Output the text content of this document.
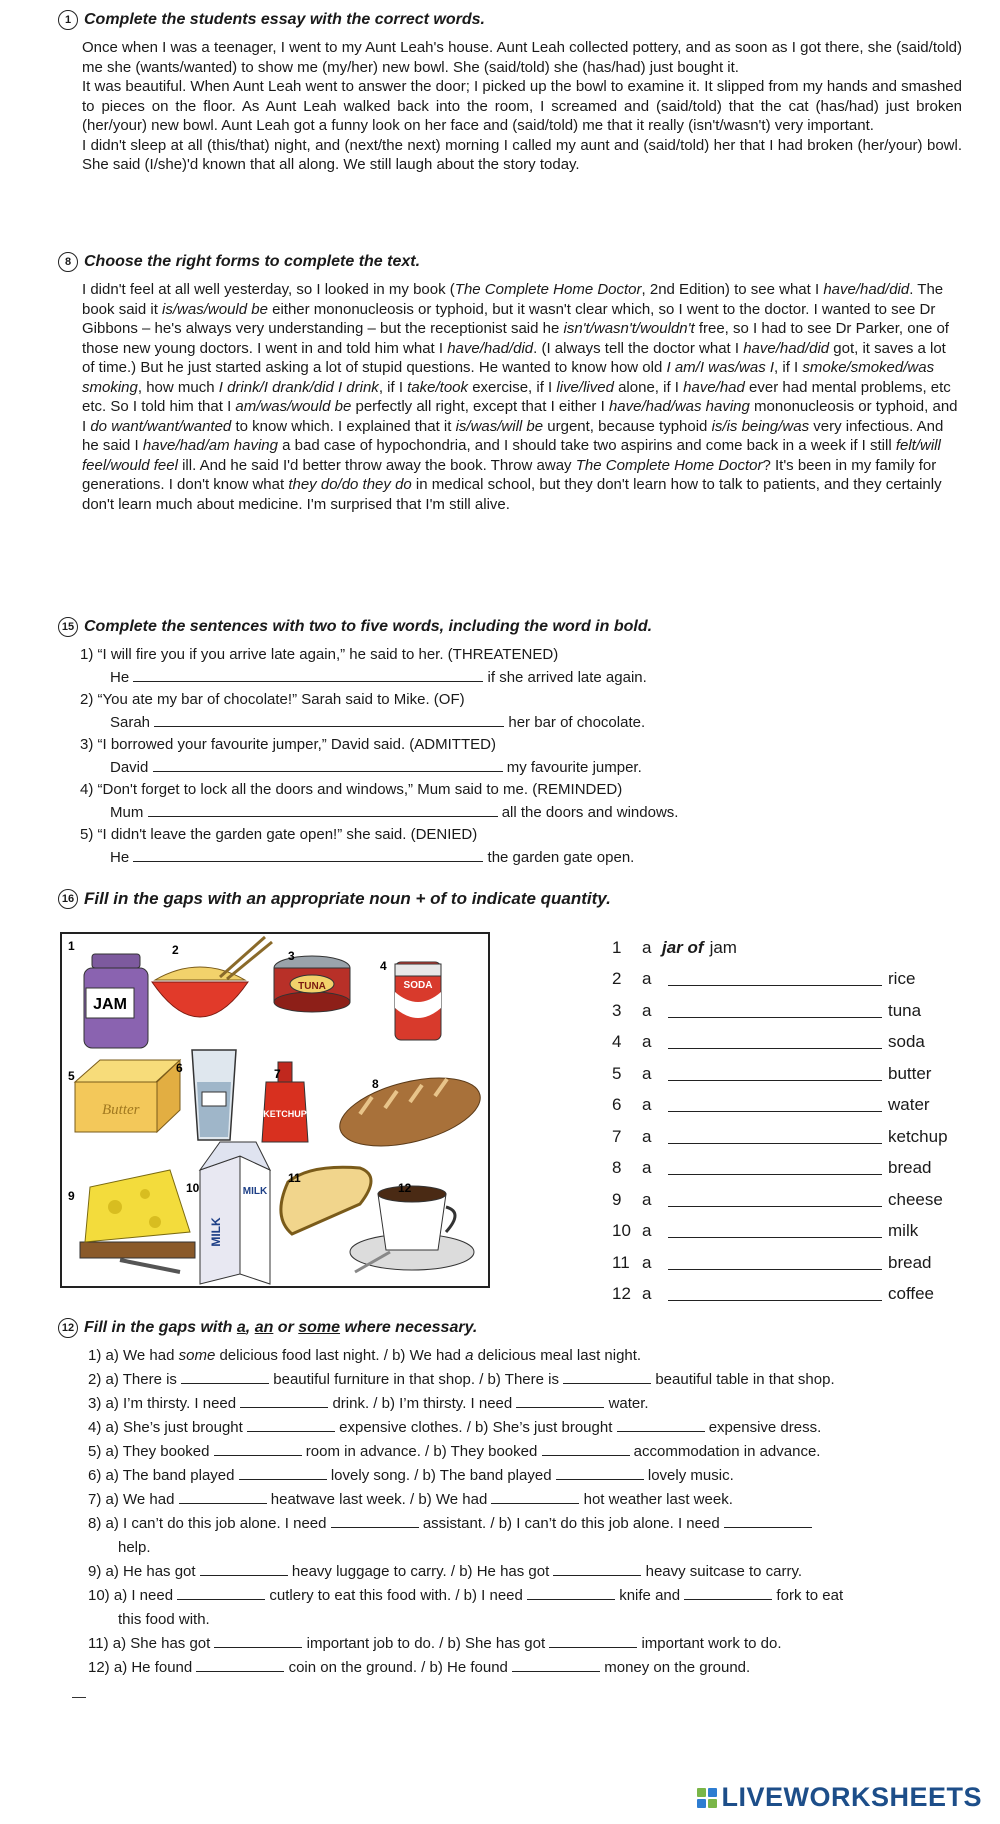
1 Complete the students essay with the correct words.

Once when I was a teenager, I went to my Aunt Leah's house. Aunt Leah collected pottery, and as soon as I got there, she (said/told) me she (wants/wanted) to show me (my/her) new bowl. She (said/told) she (has/had) just bought it.

It was beautiful. When Aunt Leah went to answer the door; I picked up the bowl to examine it. It slipped from my hands and smashed to pieces on the floor. As Aunt Leah walked back into the room, I screamed and (said/told) that the cat (has/had) just broken (her/your) new bowl. Aunt Leah got a funny look on her face and (said/told) me that it really (isn't/wasn't) very important.

I didn't sleep at all (this/that) night, and (next/the next) morning I called my aunt and (said/told) her that I had broken (her/your) bowl. She said (I/she)'d known that all along. We still laugh about the story today.

8 Choose the right forms to complete the text.
I didn't feel at all well yesterday, so I looked in my book (The Complete Home Doctor, 2nd Edition) to see what I have/had/did. The book said it is/was/would be either mononucleosis or typhoid, but it wasn't clear which, so I went to the doctor. I wanted to see Dr Gibbons – he's always very understanding – but the receptionist said he isn't/wasn't/wouldn't free, so I had to see Dr Parker, one of those new young doctors. I went in and told him what I have/had/did. (I always tell the doctor what I have/had/did got, it saves a lot of time.) But he just started asking a lot of stupid questions. He wanted to know how old I am/I was/was I, if I smoke/smoked/was smoking, how much I drink/I drank/did I drink, if I take/took exercise, if I live/lived alone, if I have/had ever had mental problems, etc etc. So I told him that I am/was/would be perfectly all right, except that I either I have/had/was having mononucleosis or typhoid, and I do want/want/wanted to know which. I explained that it is/was/will be urgent, because typhoid is/is being/was very infectious. And he said I have/had/am having a bad case of hypochondria, and I should take two aspirins and come back in a week if I still felt/will feel/would feel ill. And he said I'd better throw away the book. Throw away The Complete Home Doctor? It's been in my family for generations. I don't know what they do/do they do in medical school, but they don't learn how to talk to patients, and they certainly don't learn much about medicine. I'm surprised that I'm still alive.
15 Complete the sentences with two to five words, including the word in bold.
1) “I will fire you if you arrive late again,” he said to her. (THREATENED)
He

	if she arrived late again.
2) “You ate my bar of chocolate!” Sarah said to Mike. (OF)
Sarah

	her bar of chocolate.
3) “I borrowed your favourite jumper,” David said. (ADMITTED)
David

	my favourite jumper.
4) “Don't forget to lock all the doors and windows,” Mum said to me. (REMINDED)
Mum

	all the doors and windows.
5) “I didn't leave the garden gate open!” she said. (DENIED)
He

	the garden gate open.
16 Fill in the gaps with an appropriate noun + of to indicate quantity.
JAM
TUNA	SODA
Butter	KETCHUP
MILK
MILK
1	2	3
4
5
6	7
8
9
10
11
12
1	a jar of jam
2	a	rice
3	a	tuna
4	a	soda
5	a	butter
6	a	water
7	a	ketchup
8	a	bread
9	a	cheese
10 a	milk
11 a	bread
12 a	coffee
12 Fill in the gaps with a, an or some where necessary.
1) a) We had some delicious food last night. / b) We had a delicious meal last night.
2) a) There is	beautiful furniture in that shop. / b) There is	beautiful table in that shop.
3) a) I’m thirsty. I need	drink. / b) I’m thirsty. I need	water.
4) a) She’s just brought	expensive clothes. / b) She’s just brought	expensive dress.
5) a) They booked	room in advance. / b) They booked	accommodation in advance.
6) a) The band played	lovely song. / b) The band played	lovely music.
7) a) We had	heatwave last week. / b) We had	hot weather last week.
8) a) I can’t do this job alone. I need	assistant. / b) I can’t do this job alone. I need
help.
9) a) He has got	heavy luggage to carry. / b) He has got	heavy suitcase to carry.
10) a) I need	cutlery to eat this food with. / b) I need	knife and	fork to eat
this food with.
11) a) She has got	important job to do. / b) She has got	important work to do.
12) a) He found	coin on the ground. / b) He found	money on the ground.
LIVEWORKSHEETS
